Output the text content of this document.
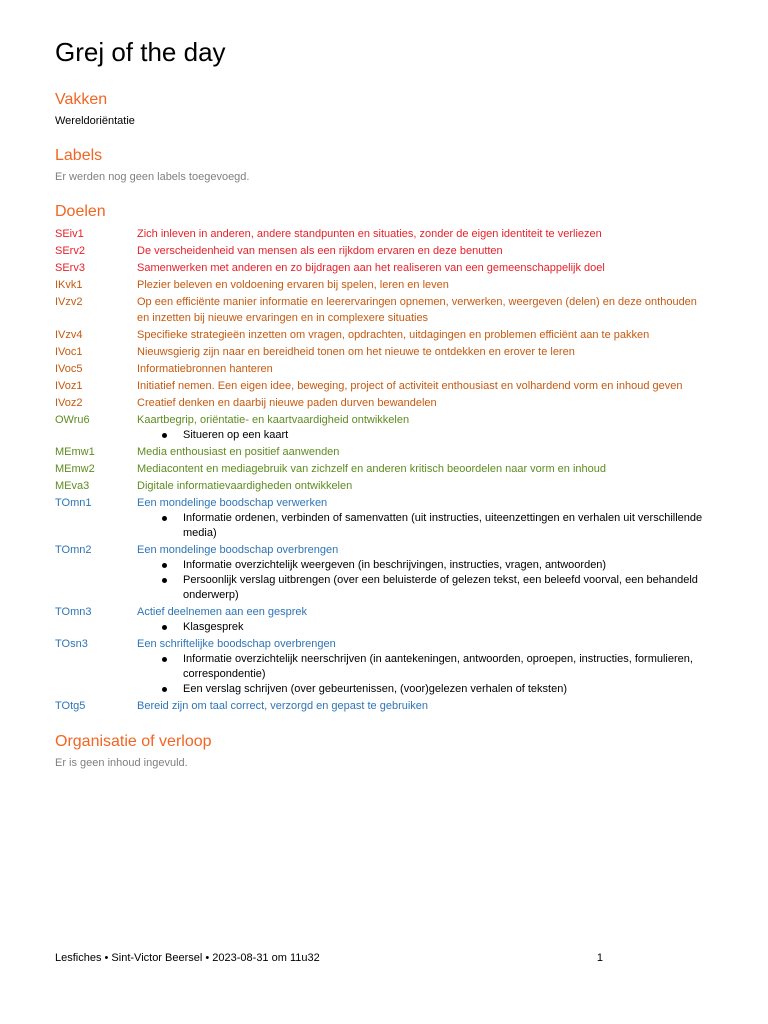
Grej of the day
Vakken
Wereldoriëntatie
Labels
Er werden nog geen labels toegevoegd.
Doelen
SEiv1	Zich inleven in anderen, andere standpunten en situaties, zonder de eigen identiteit te verliezen
SErv2	De verscheidenheid van mensen als een rijkdom ervaren en deze benutten
SErv3	Samenwerken met anderen en zo bijdragen aan het realiseren van een gemeenschappelijk doel
IKvk1	Plezier beleven en voldoening ervaren bij spelen, leren en leven
IVzv2	Op een efficiënte manier informatie en leerervaringen opnemen, verwerken, weergeven (delen) en deze onthouden en inzetten bij nieuwe ervaringen en in complexere situaties
IVzv4	Specifieke strategieën inzetten om vragen, opdrachten, uitdagingen en problemen efficiënt aan te pakken
IVoc1	Nieuwsgierig zijn naar en bereidheid tonen om het nieuwe te ontdekken en erover te leren
IVoc5	Informatiebronnen hanteren
IVoz1	Initiatief nemen. Een eigen idee, beweging, project of activiteit enthousiast en volhardend vorm en inhoud geven
IVoz2	Creatief denken en daarbij nieuwe paden durven bewandelen
OWru6	Kaartbegrip, oriëntatie- en kaartvaardigheid ontwikkelen
Situeren op een kaart
MEmw1	Media enthousiast en positief aanwenden
MEmw2	Mediacontent en mediagebruik van zichzelf en anderen kritisch beoordelen naar vorm en inhoud
MEva3	Digitale informatievaardigheden ontwikkelen
TOmn1	Een mondelinge boodschap verwerken
Informatie ordenen, verbinden of samenvatten (uit instructies, uiteenzettingen en verhalen uit verschillende media)
TOmn2	Een mondelinge boodschap overbrengen
Informatie overzichtelijk weergeven (in beschrijvingen, instructies, vragen, antwoorden)
Persoonlijk verslag uitbrengen (over een beluisterde of gelezen tekst, een beleefd voorval, een behandeld onderwerp)
TOmn3	Actief deelnemen aan een gesprek
Klasgesprek
TOsn3	Een schriftelijke boodschap overbrengen
Informatie overzichtelijk neerschrijven (in aantekeningen, antwoorden, oproepen, instructies, formulieren, correspondentie)
Een verslag schrijven (over gebeurtenissen, (voor)gelezen verhalen of teksten)
TOtg5	Bereid zijn om taal correct, verzorgd en gepast te gebruiken
Organisatie of verloop
Er is geen inhoud ingevuld.
Lesfiches • Sint-Victor Beersel • 2023-08-31 om 11u32	1
